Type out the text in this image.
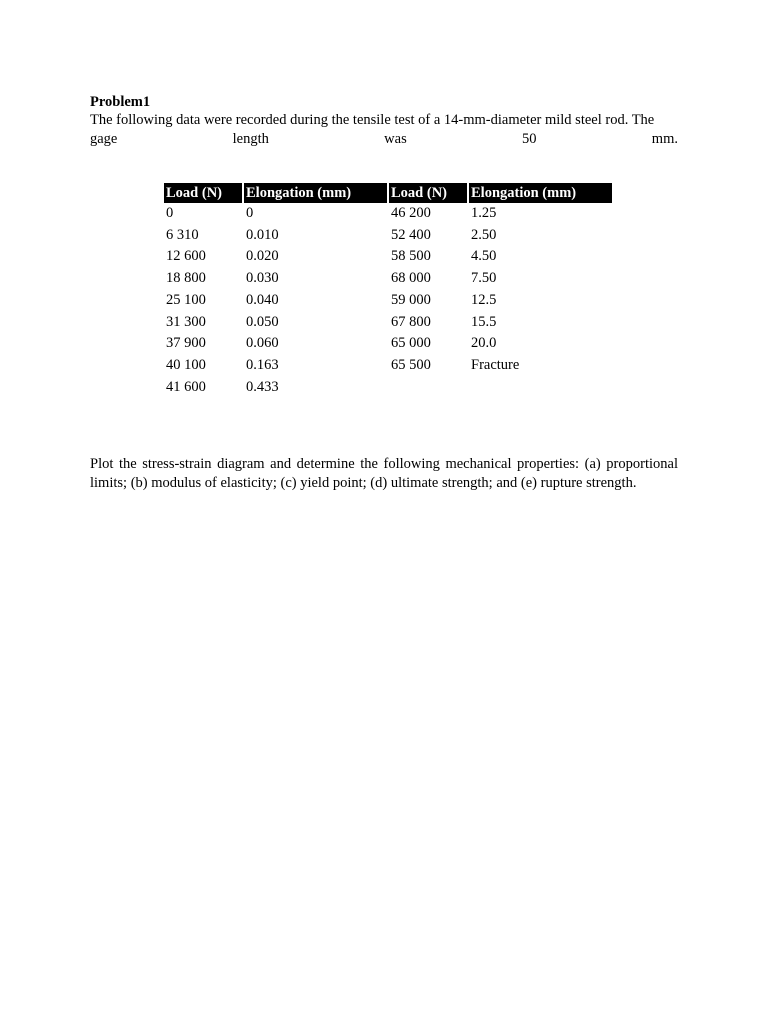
Problem1
The following data were recorded during the tensile test of a 14-mm-diameter mild steel rod. The
gage length was 50 mm.
Load (N)	Elongation (mm)	Load (N)	Elongation (mm)
0	0	46 200	1.25
6 310	0.010	52 400	2.50
12 600	0.020	58 500	4.50
18 800	0.030	68 000	7.50
25 100	0.040	59 000	12.5
31 300	0.050	67 800	15.5
37 900	0.060	65 000	20.0
40 100	0.163	65 500	Fracture
41 600	0.433		
Plot the stress-strain diagram and determine the following mechanical properties: (a) proportional limits; (b) modulus of elasticity; (c) yield point; (d) ultimate strength; and (e) rupture strength.
